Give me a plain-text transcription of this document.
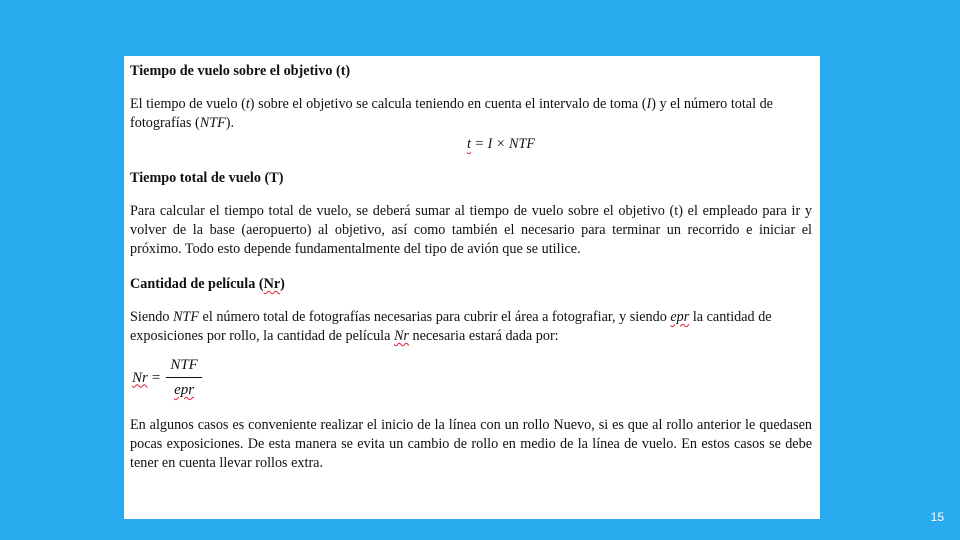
Tiempo de vuelo sobre el objetivo (t)

El tiempo de vuelo (t) sobre el objetivo se calcula teniendo en cuenta el intervalo de toma (I) y el número total de fotografías (NTF).

t = I × NTF

Tiempo total de vuelo (T)

Para calcular el tiempo total de vuelo, se deberá sumar al tiempo de vuelo sobre el objetivo (t) el empleado para ir y volver de la base (aeropuerto) al objetivo, así como también el necesario para terminar un recorrido e iniciar el próximo. Todo esto depende fundamentalmente del tipo de avión que se utilice.

Cantidad de película (Nr)

Siendo NTF el número total de fotografías necesarias para cubrir el área a fotografiar, y siendo epr la cantidad de exposiciones por rollo, la cantidad de película Nr necesaria estará dada por:

$Nr = \frac{\text{NTF}}{\text{epr}}$

En algunos casos es conveniente realizar el inicio de la línea con un rollo Nuevo, si es que al rollo anterior le quedasen pocas exposiciones. De esta manera se evita un cambio de rollo en medio de la línea de vuelo. En estos casos se debe tener en cuenta llevar rollos extra.

15
